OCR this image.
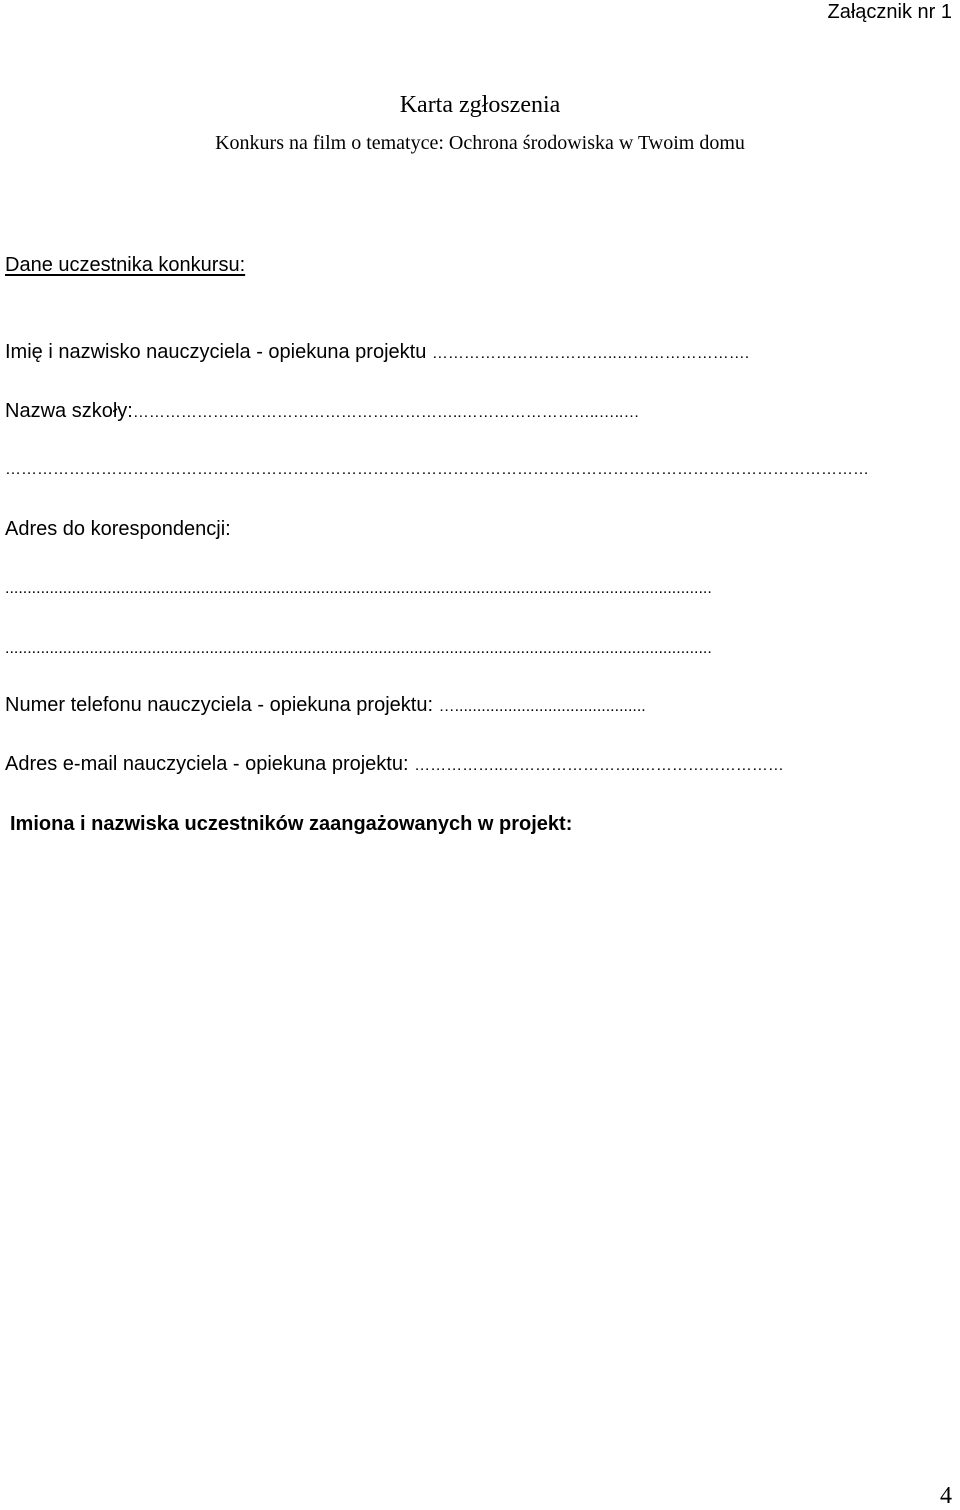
Załącznik nr 1
Karta zgłoszenia
Konkurs na film o tematyce: Ochrona środowiska w Twoim domu
Dane uczestnika konkursu:
Imię i nazwisko nauczyciela - opiekuna projektu ……………………………..…………………….
Nazwa szkoły:……………………………………………………..……………………..…..…
………………………………………………………………………………………………………………………………………………
Adres do korespondencji:
...............................................................................................................................................................
...............................................................................................................................................................
Numer telefonu nauczyciela - opiekuna projektu: …...........................................
Adres e-mail nauczyciela - opiekuna projektu: ……………..……………………..………………………
Imiona i nazwiska uczestników zaangażowanych w projekt:
4
